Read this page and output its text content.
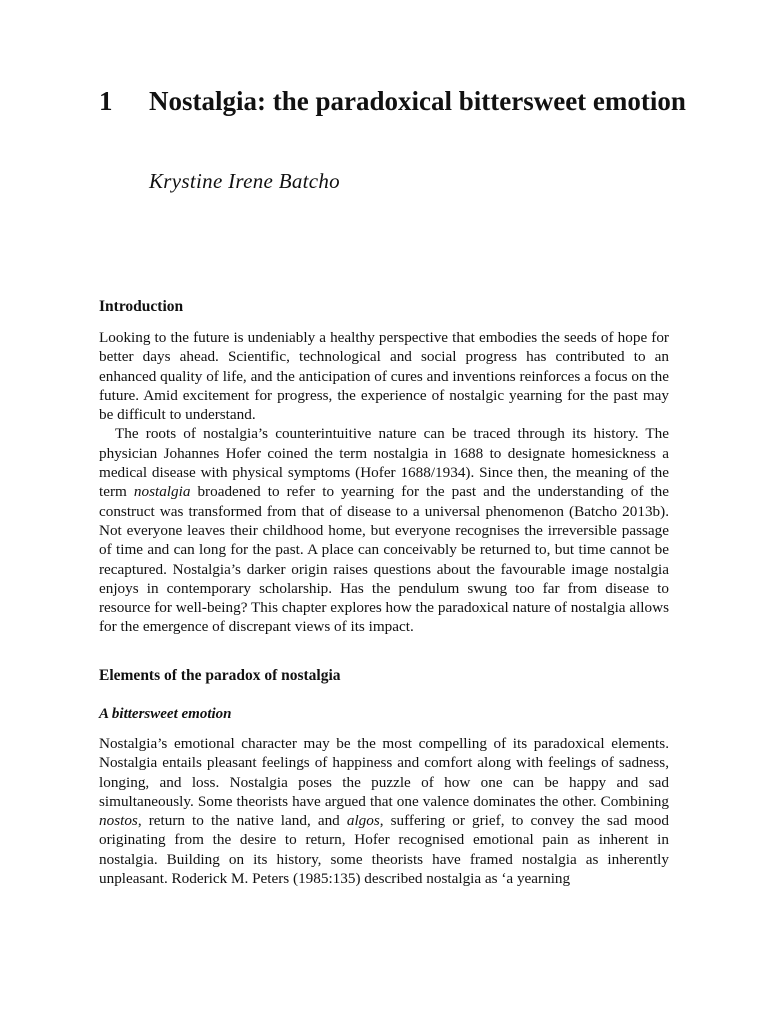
1 Nostalgia: the paradoxical bittersweet emotion
Krystine Irene Batcho
Introduction

Looking to the future is undeniably a healthy perspective that embodies the seeds of hope for better days ahead. Scientific, technological and social progress has contributed to an enhanced quality of life, and the anticipation of cures and inventions reinforces a focus on the future. Amid excitement for progress, the experience of nostalgic yearning for the past may be difficult to understand.

The roots of nostalgia’s counterintuitive nature can be traced through its history. The physician Johannes Hofer coined the term nostalgia in 1688 to designate homesickness a medical disease with physical symptoms (Hofer 1688/1934). Since then, the meaning of the term nostalgia broadened to refer to yearning for the past and the understanding of the construct was transformed from that of disease to a universal phenomenon (Batcho 2013b). Not everyone leaves their childhood home, but everyone recognises the irreversible passage of time and can long for the past. A place can conceivably be returned to, but time cannot be recaptured. Nostalgia’s darker origin raises questions about the favourable image nostalgia enjoys in contemporary scholarship. Has the pendulum swung too far from disease to resource for well-being? This chapter explores how the paradoxical nature of nostalgia allows for the emergence of discrepant views of its impact.

Elements of the paradox of nostalgia
A bittersweet emotion

Nostalgia’s emotional character may be the most compelling of its paradoxical elements. Nostalgia entails pleasant feelings of happiness and comfort along with feelings of sadness, longing, and loss. Nostalgia poses the puzzle of how one can be happy and sad simultaneously. Some theorists have argued that one valence dominates the other. Combining nostos, return to the native land, and algos, suffering or grief, to convey the sad mood originating from the desire to return, Hofer recognised emotional pain as inherent in nostalgia. Building on its history, some theorists have framed nostalgia as inherently unpleasant. Roderick M. Peters (1985:135) described nostalgia as ‘a yearning
